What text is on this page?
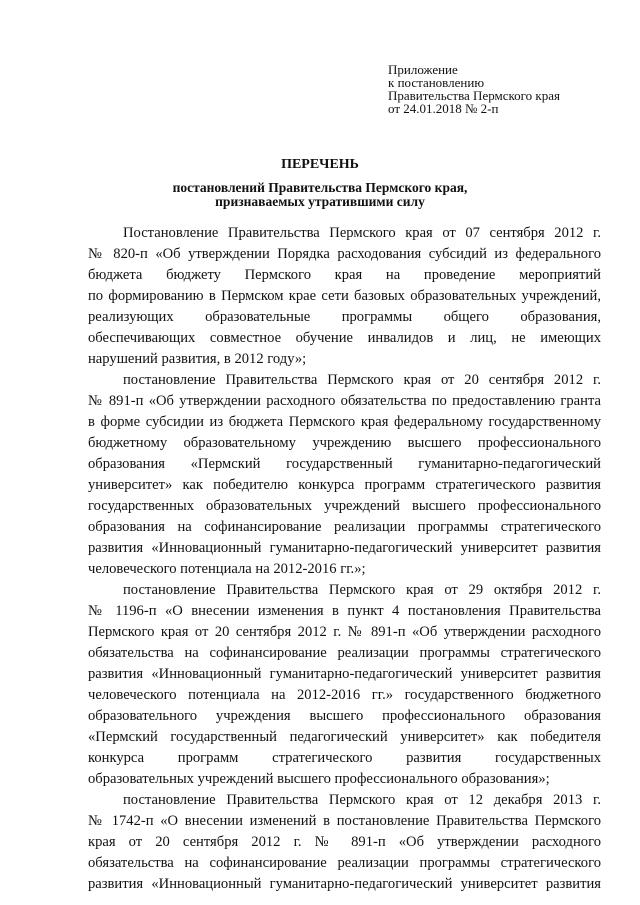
Приложение
к постановлению
Правительства Пермского края
от 24.01.2018 № 2-п
ПЕРЕЧЕНЬ
постановлений Правительства Пермского края,
признаваемых утратившими силу
Постановление Правительства Пермского края от 07 сентября 2012 г.
№ 820-п «Об утверждении Порядка расходования субсидий из федерального
бюджета бюджету Пермского края на проведение мероприятий
по формированию в Пермском крае сети базовых образовательных учреждений,
реализующих образовательные программы общего образования,
обеспечивающих совместное обучение инвалидов и лиц, не имеющих
нарушений развития, в 2012 году»;
постановление Правительства Пермского края от 20 сентября 2012 г.
№ 891-п «Об утверждении расходного обязательства по предоставлению гранта
в форме субсидии из бюджета Пермского края федеральному государственному
бюджетному образовательному учреждению высшего профессионального
образования «Пермский государственный гуманитарно-педагогический
университет» как победителю конкурса программ стратегического развития
государственных образовательных учреждений высшего профессионального
образования на софинансирование реализации программы стратегического
развития «Инновационный гуманитарно-педагогический университет развития
человеческого потенциала на 2012-2016 гг.»;
постановление Правительства Пермского края от 29 октября 2012 г.
№ 1196-п «О внесении изменения в пункт 4 постановления Правительства
Пермского края от 20 сентября 2012 г. № 891-п «Об утверждении расходного
обязательства на софинансирование реализации программы стратегического
развития «Инновационный гуманитарно-педагогический университет развития
человеческого потенциала на 2012-2016 гг.» государственного бюджетного
образовательного учреждения высшего профессионального образования
«Пермский государственный педагогический университет» как победителя
конкурса программ стратегического развития государственных
образовательных учреждений высшего профессионального образования»;
постановление Правительства Пермского края от 12 декабря 2013 г.
№ 1742-п «О внесении изменений в постановление Правительства Пермского
края от 20 сентября 2012 г. № 891-п «Об утверждении расходного
обязательства на софинансирование реализации программы стратегического
развития «Инновационный гуманитарно-педагогический университет развития
